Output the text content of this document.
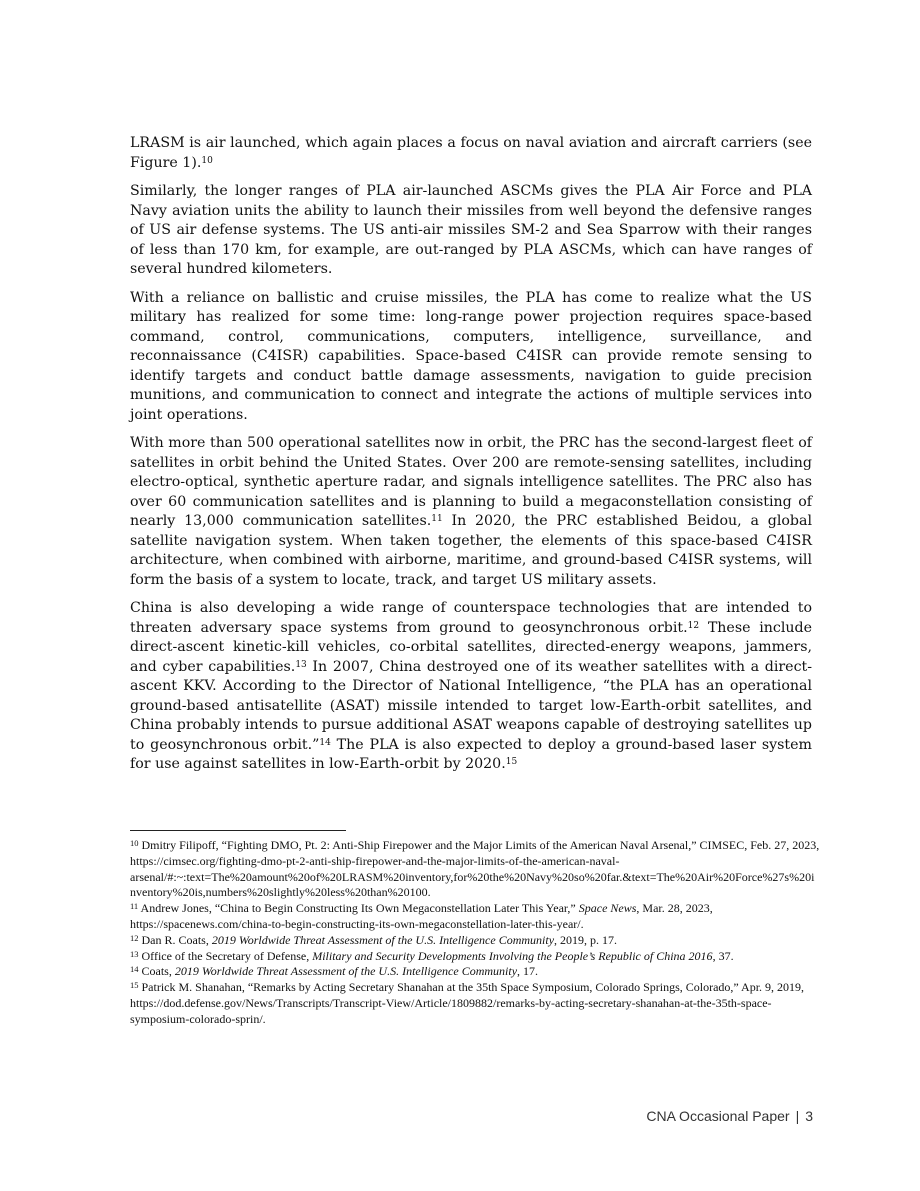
LRASM is air launched, which again places a focus on naval aviation and aircraft carriers (see Figure 1).$^{10}$

Similarly, the longer ranges of PLA air-launched ASCMs gives the PLA Air Force and PLA Navy aviation units the ability to launch their missiles from well beyond the defensive ranges of US air defense systems. The US anti-air missiles SM-2 and Sea Sparrow with their ranges of less than 170 km, for example, are out-ranged by PLA ASCMs, which can have ranges of several hundred kilometers.

With a reliance on ballistic and cruise missiles, the PLA has come to realize what the US military has realized for some time: long-range power projection requires space-based command, control, communications, computers, intelligence, surveillance, and reconnaissance (C4ISR) capabilities. Space-based C4ISR can provide remote sensing to identify targets and conduct battle damage assessments, navigation to guide precision munitions, and communication to connect and integrate the actions of multiple services into joint operations.

With more than 500 operational satellites now in orbit, the PRC has the second-largest fleet of satellites in orbit behind the United States. Over 200 are remote-sensing satellites, including electro-optical, synthetic aperture radar, and signals intelligence satellites. The PRC also has over 60 communication satellites and is planning to build a megaconstellation consisting of nearly 13,000 communication satellites.$^{11}$ In 2020, the PRC established Beidou, a global satellite navigation system. When taken together, the elements of this space-based C4ISR architecture, when combined with airborne, maritime, and ground-based C4ISR systems, will form the basis of a system to locate, track, and target US military assets.

China is also developing a wide range of counterspace technologies that are intended to threaten adversary space systems from ground to geosynchronous orbit.$^{12}$ These include direct-ascent kinetic-kill vehicles, co-orbital satellites, directed-energy weapons, jammers, and cyber capabilities.$^{13}$ In 2007, China destroyed one of its weather satellites with a direct-ascent KKV. According to the Director of National Intelligence, “the PLA has an operational ground-based antisatellite (ASAT) missile intended to target low-Earth-orbit satellites, and China probably intends to pursue additional ASAT weapons capable of destroying satellites up to geosynchronous orbit.”$^{14}$ The PLA is also expected to deploy a ground-based laser system for use against satellites in low-Earth-orbit by 2020.15

$^{10}$ Dmitry Filipoff, “Fighting DMO, Pt. 2: Anti-Ship Firepower and the Major Limits of the American Naval Arsenal,” CIMSEC, Feb. 27, 2023, https://cimsec.org/fighting-dmo-pt-2-anti-ship-firepower-and-the-major-limits-of-the-american-naval-arsenal/#:~:text=The%20amount%20of%20LRASM%20inventory,for%20the%20Navy%20so%20far.&text=The%20Air%20Force%27s%20inventory%20is,numbers%20slightly%20less%20than%20100.
$^{11}$ Andrew Jones, “China to Begin Constructing Its Own Megaconstellation Later This Year,” Space News, Mar. 28, 2023, https://spacenews.com/china-to-begin-constructing-its-own-megaconstellation-later-this-year/.
$^{12}$ Dan R. Coats, 2019 Worldwide Threat Assessment of the U.S. Intelligence Community, 2019, p. 17.
$^{13}$ Office of the Secretary of Defense, Military and Security Developments Involving the People’s Republic of China 2016, 37.
$^{14}$ Coats, 2019 Worldwide Threat Assessment of the U.S. Intelligence Community, 17.
$^{15}$ Patrick M. Shanahan, “Remarks by Acting Secretary Shanahan at the 35th Space Symposium, Colorado Springs, Colorado,” Apr. 9, 2019, https://dod.defense.gov/News/Transcripts/Transcript-View/Article/1809882/remarks-by-acting-secretary-shanahan-at-the-35th-space-symposium-colorado-sprin/.
CNA Occasional Paper | 3
